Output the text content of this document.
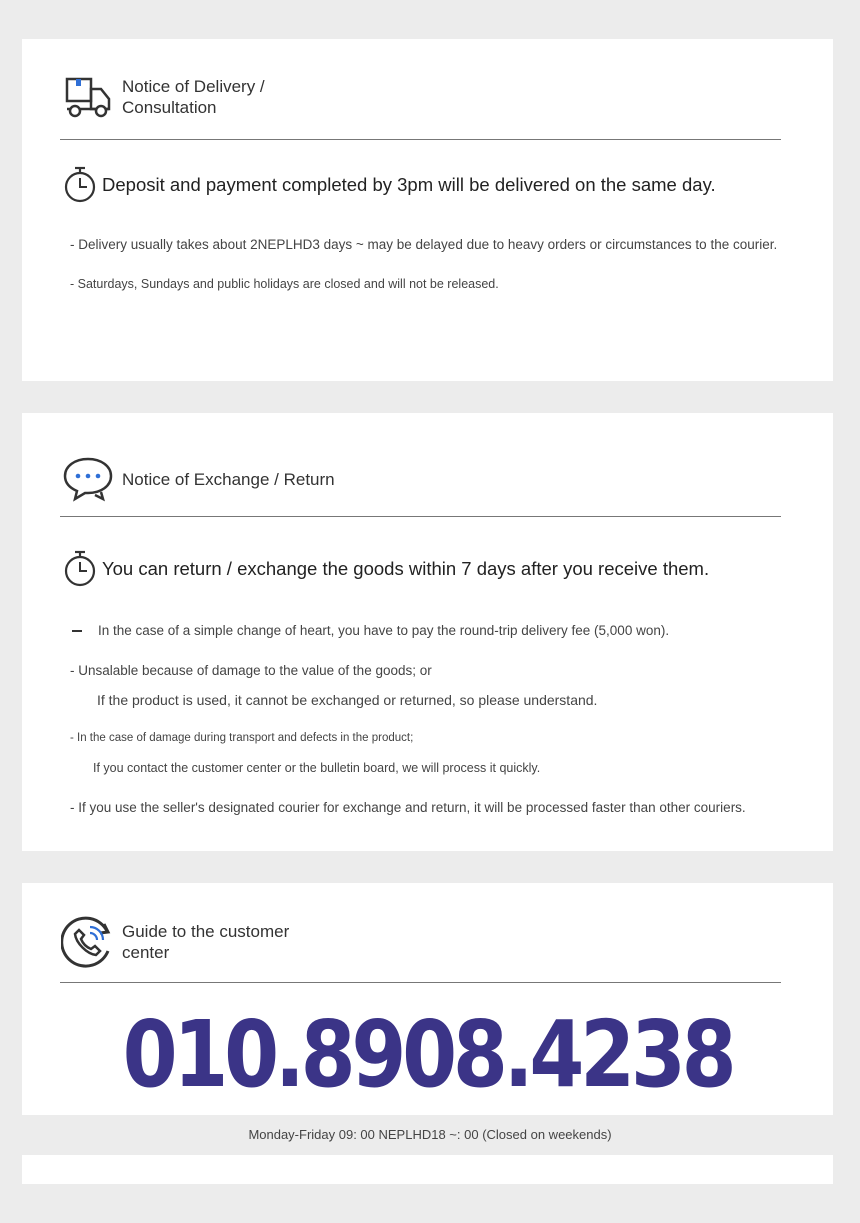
Notice of Delivery /
Consultation
Deposit and payment completed by 3pm will be delivered on the same day.
- Delivery usually takes about 2NEPLHD3 days ~ may be delayed due to heavy orders or circumstances to the courier.
- Saturdays, Sundays and public holidays are closed and will not be released.
Notice of Exchange / Return
You can return / exchange the goods within 7 days after you receive them.
In the case of a simple change of heart, you have to pay the round-trip delivery fee (5,000 won).
- Unsalable because of damage to the value of the goods; or
If the product is used, it cannot be exchanged or returned, so please understand.
- In the case of damage during transport and defects in the product;
If you contact the customer center or the bulletin board, we will process it quickly.
- If you use the seller's designated courier for exchange and return, it will be processed faster than other couriers.
Guide to the customer
center
010.8908.4238
Monday-Friday 09: 00 NEPLHD18 ~: 00 (Closed on weekends)
